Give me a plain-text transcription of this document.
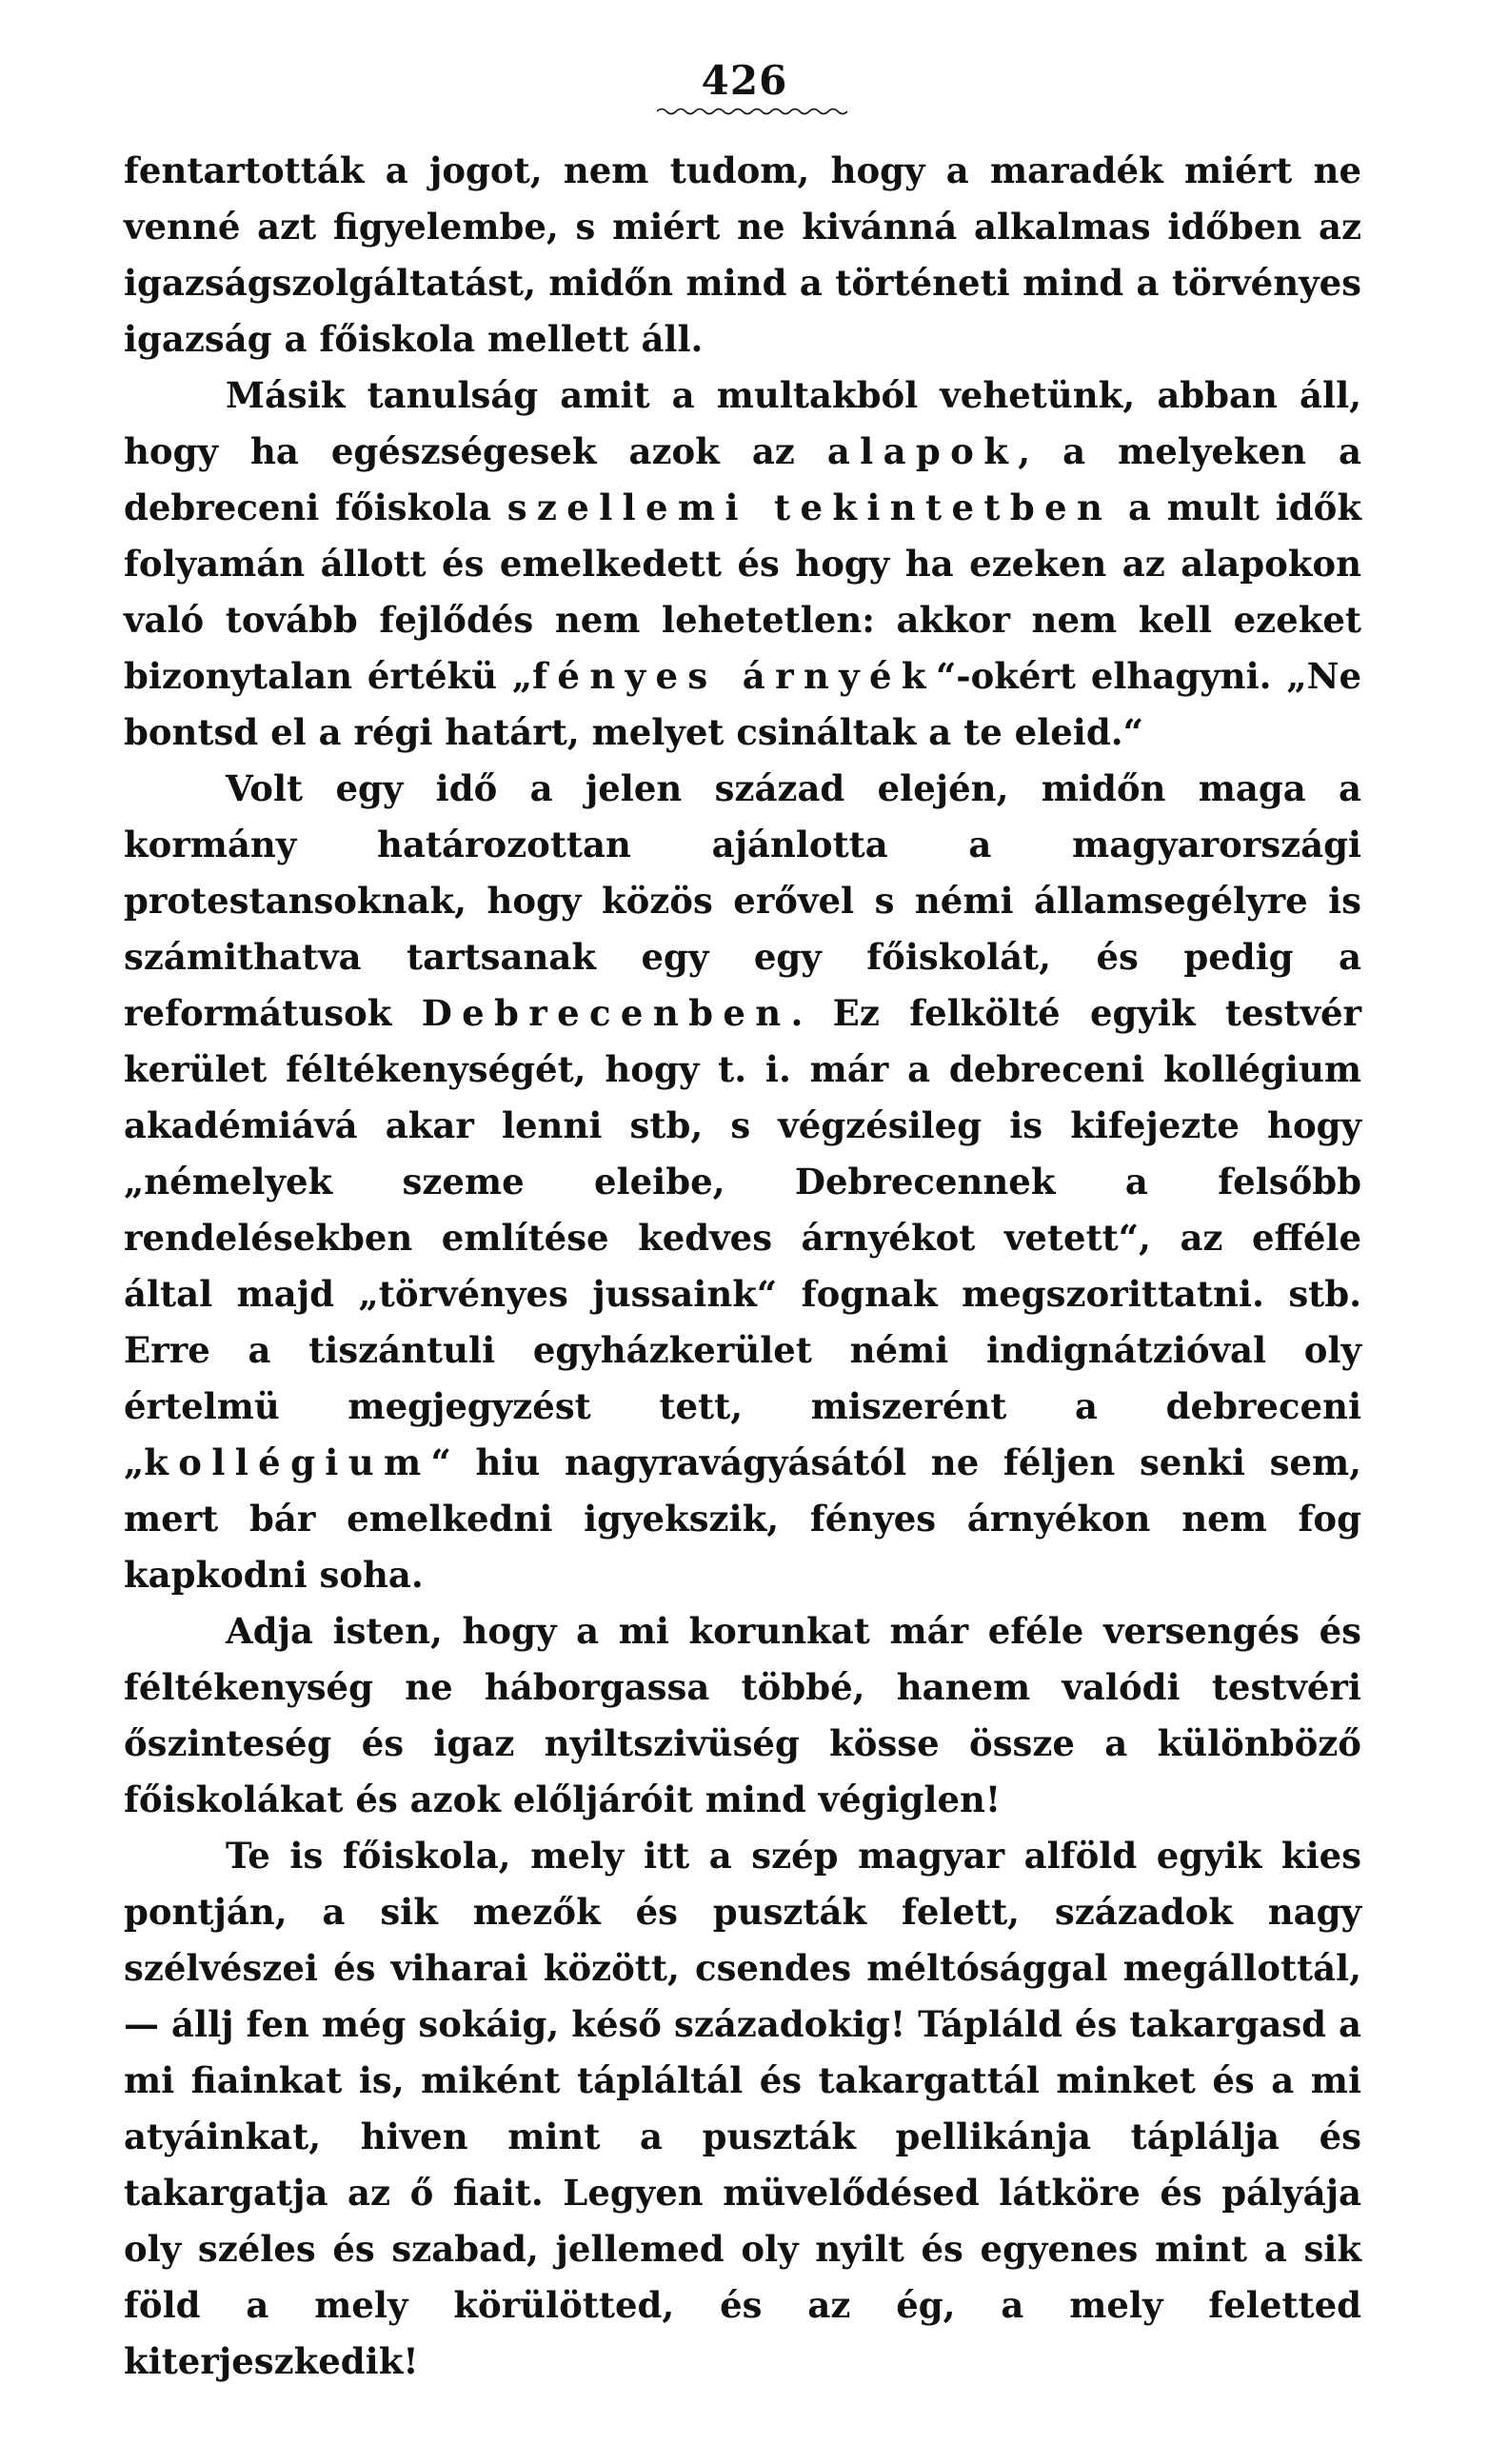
426

fentartották a jogot, nem tudom, hogy a maradék miért ne venné azt figyelembe, s miért ne kivánná alkalmas időben az igazságszolgáltatást, midőn mind a történeti mind a törvényes igazság a főiskola mellett áll.

Másik tanulság amit a multakból vehetünk, abban áll, hogy ha egészségesek azok az alapok, a melyeken a debreceni főiskola szellemi tekintetben a mult idők folyamán állott és emelkedett és hogy ha ezeken az alapokon való tovább fejlődés nem lehetetlen: akkor nem kell ezeket bizonytalan értékü „fényes árnyék“-okért elhagyni. „Ne bontsd el a régi határt, melyet csináltak a te eleid.“

Volt egy idő a jelen század elején, midőn maga a kormány határozottan ajánlotta a magyarországi protestansoknak, hogy közös erővel s némi államsegélyre is számithatva tartsanak egy egy főiskolát, és pedig a reformátusok Debrecenben. Ez felkölté egyik testvér kerület féltékenységét, hogy t. i. már a debreceni kollégium akadémiává akar lenni stb, s végzésileg is kifejezte hogy „némelyek szeme eleibe, Debrecennek a felsőbb rendelésekben említése kedves árnyékot vetett“, az efféle által majd „törvényes jussaink“ fognak megszorittatni. stb. Erre a tiszántuli egyházkerület némi indignátzióval oly értelmü megjegyzést tett, miszerént a debreceni „kollégium“ hiu nagyravágyásától ne féljen senki sem, mert bár emelkedni igyekszik, fényes árnyékon nem fog kapkodni soha.

Adja isten, hogy a mi korunkat már eféle versengés és féltékenység ne háborgassa többé, hanem valódi testvéri őszinteség és igaz nyiltszivüség kösse össze a különböző főiskolákat és azok előljáróit mind végiglen!

Te is főiskola, mely itt a szép magyar alföld egyik kies pontján, a sik mezők és puszták felett, századok nagy szélvészei és viharai között, csendes méltósággal megállottál, — állj fen még sokáig, késő századokig! Tápláld és takargasd a mi fiainkat is, miként tápláltál és takargattál minket és a mi atyáinkat, hiven mint a puszták pellikánja táplálja és takargatja az ő fiait. Legyen müvelődésed látköre és pályája oly széles és szabad, jellemed oly nyilt és egyenes mint a sik föld a mely körülötted, és az ég, a mely feletted kiterjeszkedik!
